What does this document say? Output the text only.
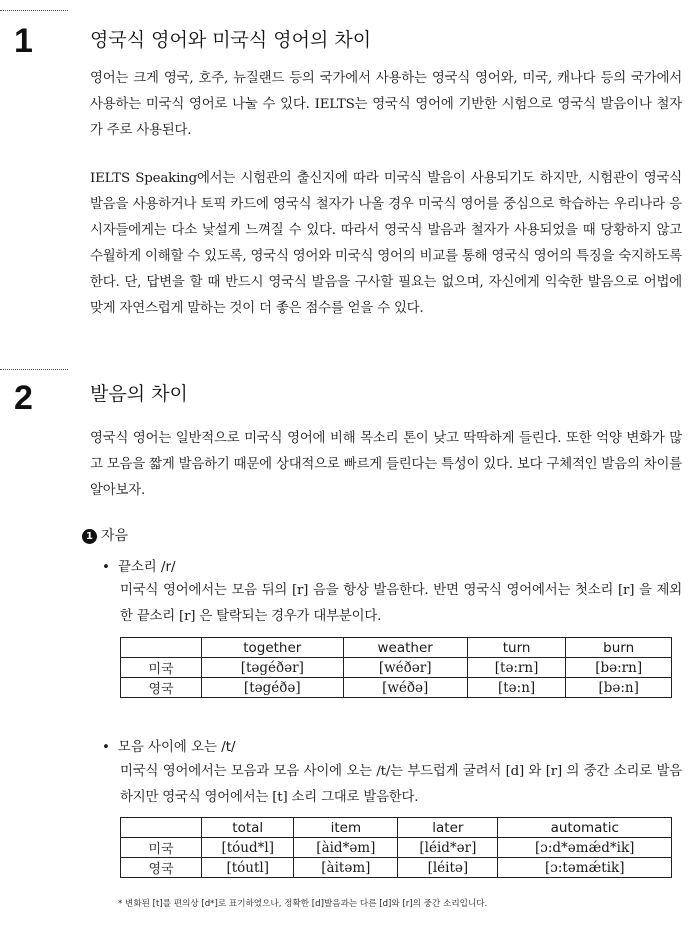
1	영국식 영어와 미국식 영어의 차이

영어는 크게 영국, 호주, 뉴질랜드 등의 국가에서 사용하는 영국식 영어와, 미국, 캐나다 등의 국가에서 사용하는 미국식 영어로 나눌 수 있다. IELTS는 영국식 영어에 기반한 시험으로 영국식 발음이나 철자가 주로 사용된다.

IELTS Speaking에서는 시험관의 출신지에 따라 미국식 발음이 사용되기도 하지만, 시험관이 영국식 발음을 사용하거나 토픽 카드에 영국식 철자가 나올 경우 미국식 영어를 중심으로 학습하는 우리나라 응시자들에게는 다소 낯설게 느껴질 수 있다. 따라서 영국식 발음과 철자가 사용되었을 때 당황하지 않고 수월하게 이해할 수 있도록, 영국식 영어와 미국식 영어의 비교를 통해 영국식 영어의 특징을 숙지하도록 한다. 단, 답변을 할 때 반드시 영국식 발음을 구사할 필요는 없으며, 자신에게 익숙한 발음으로 어법에 맞게 자연스럽게 말하는 것이 더 좋은 점수를 얻을 수 있다.

2	발음의 차이

영국식 영어는 일반적으로 미국식 영어에 비해 목소리 톤이 낮고 딱딱하게 들린다. 또한 억양 변화가 많고 모음을 짧게 발음하기 때문에 상대적으로 빠르게 들린다는 특성이 있다. 보다 구체적인 발음의 차이를 알아보자.

1 자음
• 끝소리 /r/

미국식 영어에서는 모음 뒤의 [r] 음을 항상 발음한다. 반면 영국식 영어에서는 첫소리 [r] 을 제외한 끝소리 [r] 은 탈락되는 경우가 대부분이다.

	together	weather	turn	burn
미국	[təgéðər]	[wéðər]	[tə:rn]	[bə:rn]
영국	[təgéðə]	[wéðə]	[tə:n]	[bə:n]
• 모음 사이에 오는 /t/

미국식 영어에서는 모음과 모음 사이에 오는 /t/는 부드럽게 굴려서 [d] 와 [r] 의 중간 소리로 발음하지만 영국식 영어에서는 [t] 소리 그대로 발음한다.

	total	item	later	automatic
미국	[tóud*l]	[àid*əm]	[léid*ər]	[ɔ:d*əmǽd*ik]
영국	[tóutl]	[àitəm]	[léitə]	[ɔ:təmǽtik]
* 변화된 [t]를 편의상 [d*]로 표기하였으나, 정확한 [d]발음과는 다른 [d]와 [r]의 중간 소리입니다.
